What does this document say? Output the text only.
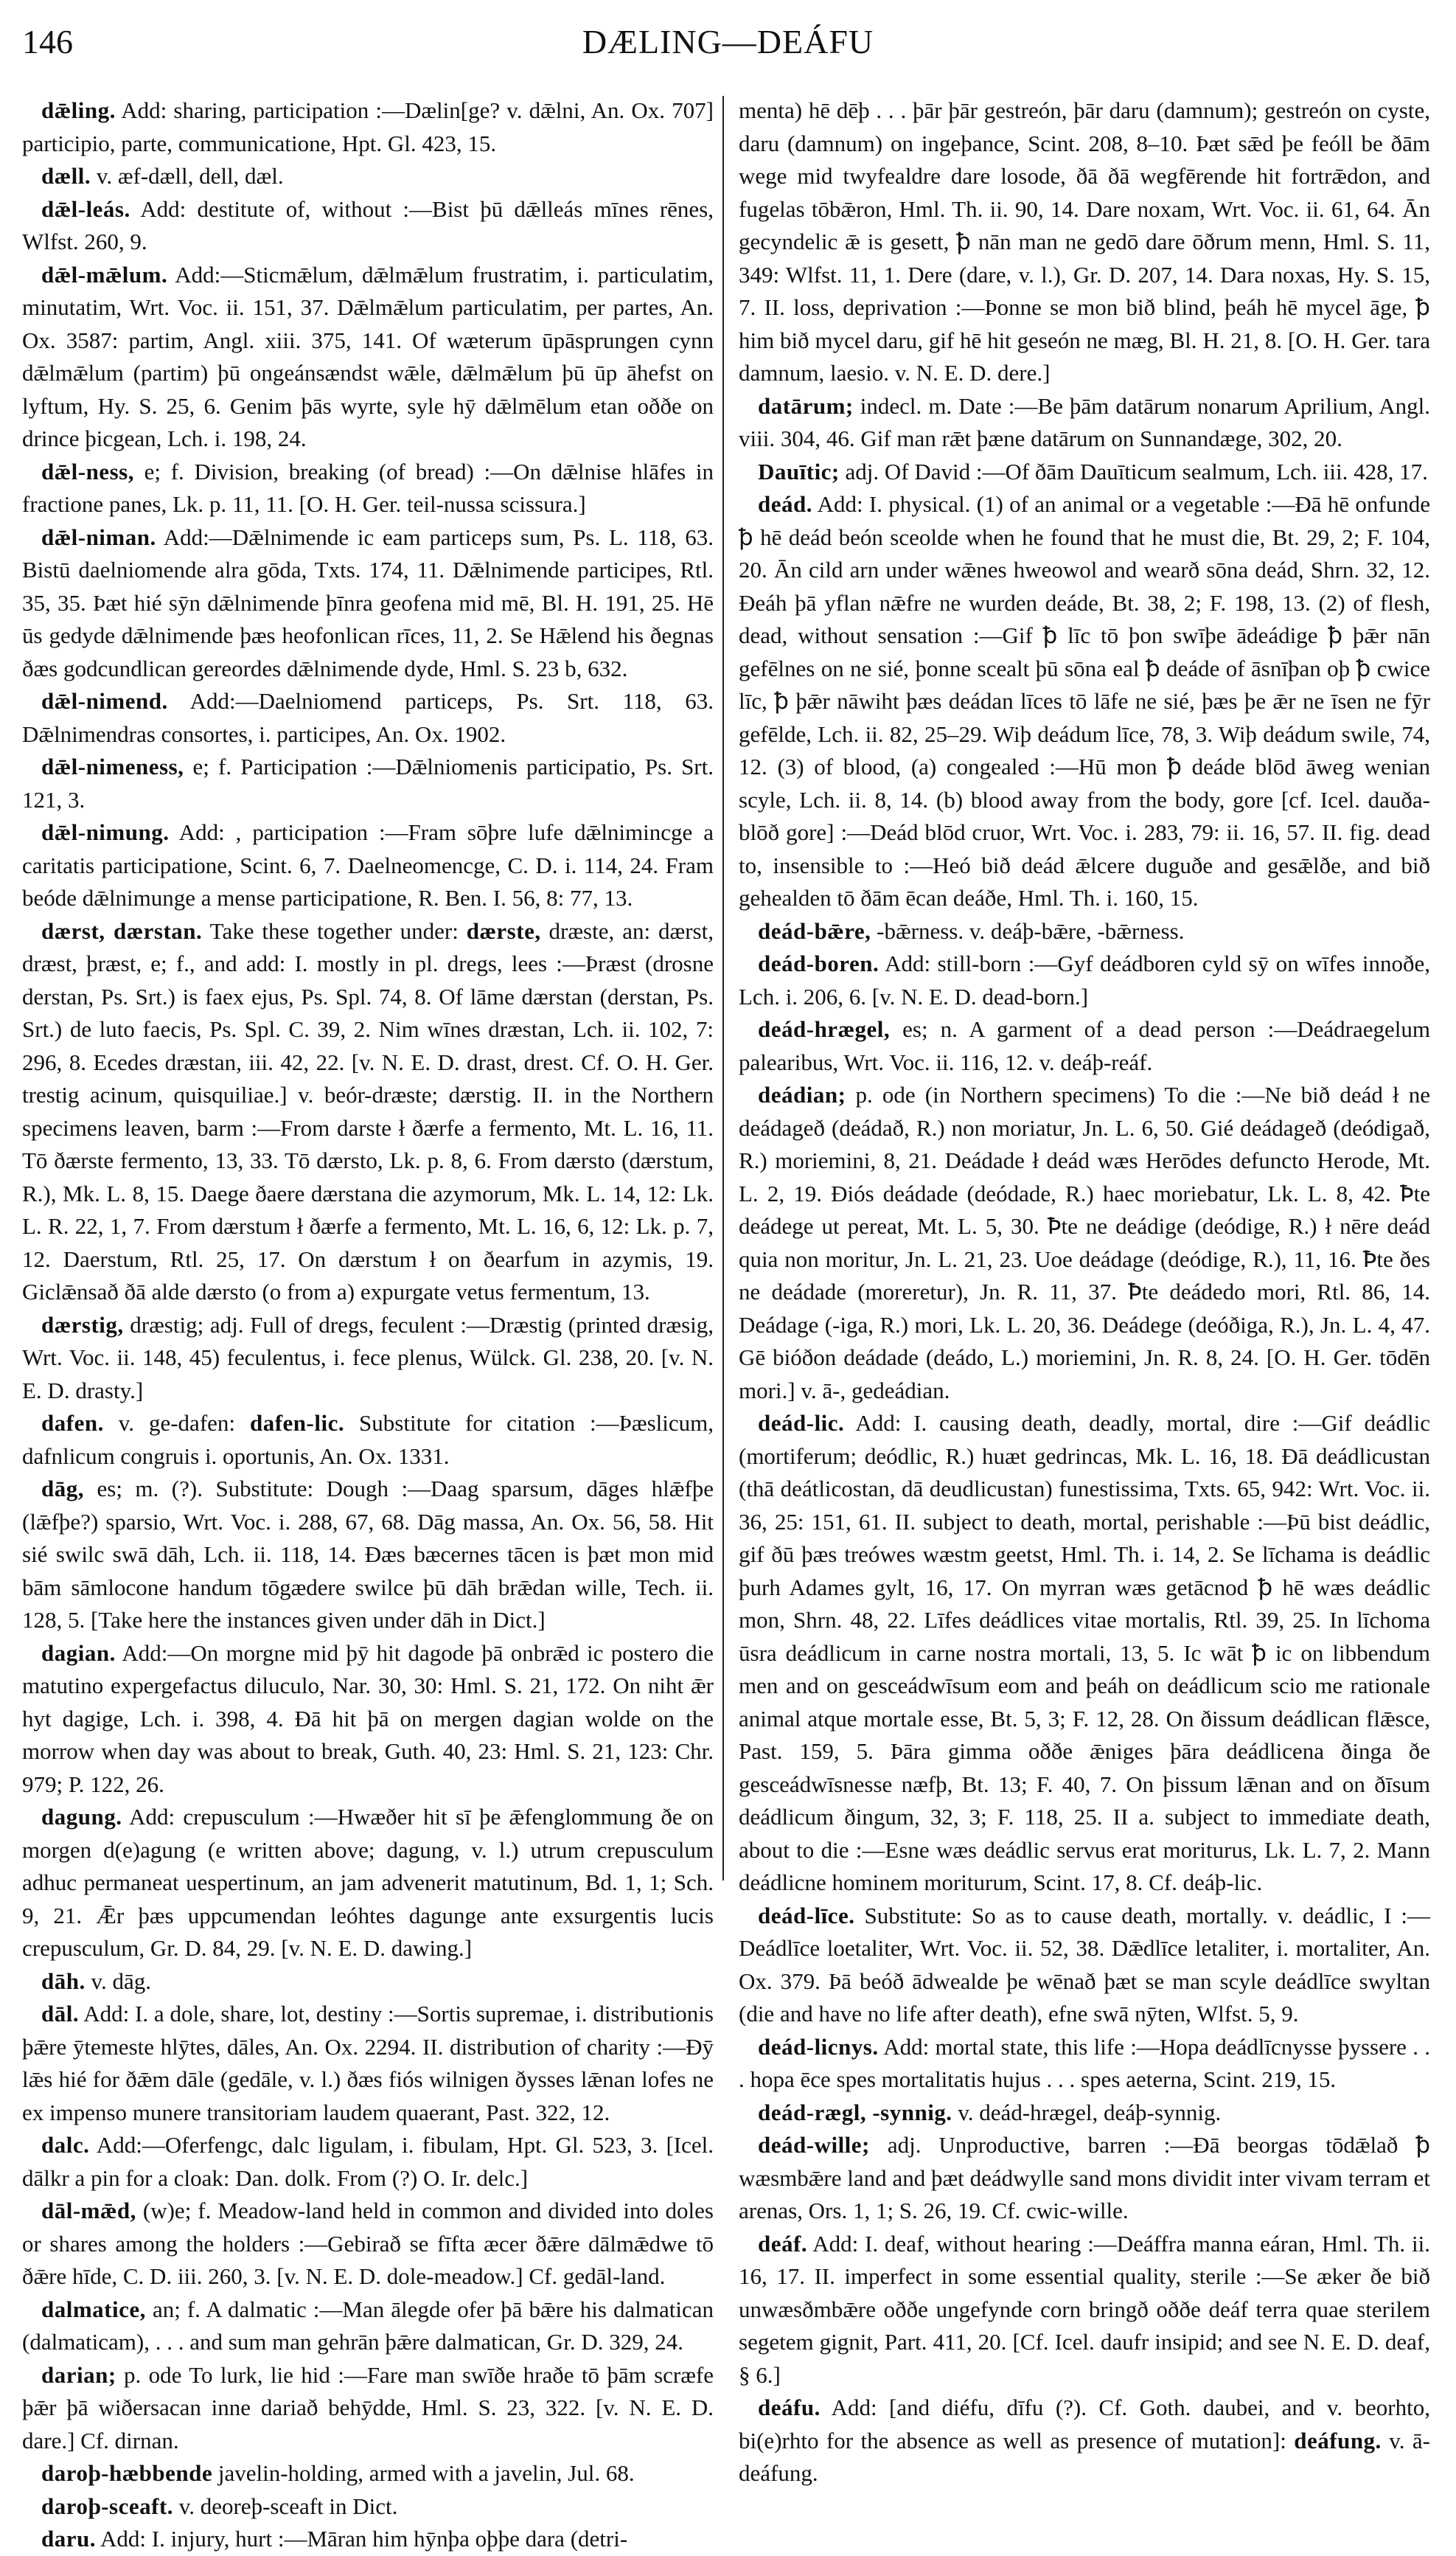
146	DÆLING—DEÁFU

dǣling. Add: sharing, participation :—Dælin[ge? v. dǣlni, An. Ox. 707] participio, parte, communicatione, Hpt. Gl. 423, 15.

dæll. v. æf-dæll, dell, dæl.

dǣl-leás. Add: destitute of, without :—Bist þū dǣlleás mīnes rēnes, Wlfst. 260, 9.

dǣl-mǣlum. Add:—Sticmǣlum, dǣlmǣlum frustratim, i. particulatim, minutatim, Wrt. Voc. ii. 151, 37. Dǣlmǣlum particulatim, per partes, An. Ox. 3587: partim, Angl. xiii. 375, 141. Of wæterum ūpāsprungen cynn dǣlmǣlum (partim) þū ongeánsændst wǣle, dǣlmǣlum þū ūp āhefst on lyftum, Hy. S. 25, 6. Genim þās wyrte, syle hȳ dǣlmēlum etan oððe on drince þicgean, Lch. i. 198, 24.

dǣl-ness, e; f. Division, breaking (of bread) :—On dǣlnise hlāfes in fractione panes, Lk. p. 11, 11. [O. H. Ger. teil-nussa scissura.]

dǣl-niman. Add:—Dǣlnimende ic eam particeps sum, Ps. L. 118, 63. Bistū daelniomende alra gōda, Txts. 174, 11. Dǣlnimende participes, Rtl. 35, 35. Þæt hié sȳn dǣlnimende þīnra geofena mid mē, Bl. H. 191, 25. Hē ūs gedyde dǣlnimende þæs heofonlican rīces, 11, 2. Se Hǣlend his ðegnas ðæs godcundlican gereordes dǣlnimende dyde, Hml. S. 23 b, 632.

dǣl-nimend. Add:—Daelniomend particeps, Ps. Srt. 118, 63. Dǣlnimendras consortes, i. participes, An. Ox. 1902.

dǣl-nimeness, e; f. Participation :—Dǣlniomenis participatio, Ps. Srt. 121, 3.

dǣl-nimung. Add: , participation :—Fram sōþre lufe dǣlnimincge a caritatis participatione, Scint. 6, 7. Daelneomencge, C. D. i. 114, 24. Fram beóde dǣlnimunge a mense participatione, R. Ben. I. 56, 8: 77, 13.

dærst, dærstan. Take these together under: dærste, dræste, an: dærst, dræst, þræst, e; f., and add: I. mostly in pl. dregs, lees :—Þræst (drosne derstan, Ps. Srt.) is faex ejus, Ps. Spl. 74, 8. Of lāme dærstan (derstan, Ps. Srt.) de luto faecis, Ps. Spl. C. 39, 2. Nim wīnes dræstan, Lch. ii. 102, 7: 296, 8. Ecedes dræstan, iii. 42, 22. [v. N. E. D. drast, drest. Cf. O. H. Ger. trestig acinum, quisquiliae.] v. beór-dræste; dærstig. II. in the Northern specimens leaven, barm :—From darste ł ðærfe a fermento, Mt. L. 16, 11. Tō ðærste fermento, 13, 33. Tō dærsto, Lk. p. 8, 6. From dærsto (dærstum, R.), Mk. L. 8, 15. Daege ðaere dærstana die azymorum, Mk. L. 14, 12: Lk. L. R. 22, 1, 7. From dærstum ł ðærfe a fermento, Mt. L. 16, 6, 12: Lk. p. 7, 12. Daerstum, Rtl. 25, 17. On dærstum ł on ðearfum in azymis, 19. Giclǣnsað ðā alde dærsto (o from a) expurgate vetus fermentum, 13.

dærstig, dræstig; adj. Full of dregs, feculent :—Dræstig (printed dræsig, Wrt. Voc. ii. 148, 45) feculentus, i. fece plenus, Wülck. Gl. 238, 20. [v. N. E. D. drasty.]

dafen. v. ge-dafen: dafen-lic. Substitute for citation :—Þæslicum, dafnlicum congruis i. oportunis, An. Ox. 1331.

dāg, es; m. (?). Substitute: Dough :—Daag sparsum, dāges hlǣfþe (lǣfþe?) sparsio, Wrt. Voc. i. 288, 67, 68. Dāg massa, An. Ox. 56, 58. Hit sié swilc swā dāh, Lch. ii. 118, 14. Ðæs bæcernes tācen is þæt mon mid bām sāmlocone handum tōgædere swilce þū dāh brǣdan wille, Tech. ii. 128, 5. [Take here the instances given under dāh in Dict.]

dagian. Add:—On morgne mid þȳ hit dagode þā onbrǣd ic postero die matutino expergefactus diluculo, Nar. 30, 30: Hml. S. 21, 172. On niht ǣr hyt dagige, Lch. i. 398, 4. Ðā hit þā on mergen dagian wolde on the morrow when day was about to break, Guth. 40, 23: Hml. S. 21, 123: Chr. 979; P. 122, 26.

dagung. Add: crepusculum :—Hwæðer hit sī þe ǣfenglommung ðe on morgen d(e)agung (e written above; dagung, v. l.) utrum crepusculum adhuc permaneat uespertinum, an jam advenerit matutinum, Bd. 1, 1; Sch. 9, 21. Ǣr þæs uppcumendan leóhtes dagunge ante exsurgentis lucis crepusculum, Gr. D. 84, 29. [v. N. E. D. dawing.]

dāh. v. dāg.

dāl. Add: I. a dole, share, lot, destiny :—Sortis supremae, i. distributionis þǣre ȳtemeste hlȳtes, dāles, An. Ox. 2294. II. distribution of charity :—Ðȳ lǣs hié for ðǣm dāle (gedāle, v. l.) ðæs fiós wilnigen ðysses lǣnan lofes ne ex impenso munere transitoriam laudem quaerant, Past. 322, 12.

dalc. Add:—Oferfengc, dalc ligulam, i. fibulam, Hpt. Gl. 523, 3. [Icel. dālkr a pin for a cloak: Dan. dolk. From (?) O. Ir. delc.]

dāl-mǣd, (w)e; f. Meadow-land held in common and divided into doles or shares among the holders :—Gebirað se fīfta æcer ðǣre dālmǣdwe tō ðǣre hīde, C. D. iii. 260, 3. [v. N. E. D. dole-meadow.] Cf. gedāl-land.

dalmatice, an; f. A dalmatic :—Man ālegde ofer þā bǣre his dalmatican (dalmaticam), . . . and sum man gehrān þǣre dalmatican, Gr. D. 329, 24.

darian; p. ode To lurk, lie hid :—Fare man swīðe hraðe tō þām scræfe þǣr þā wiðersacan inne dariað behȳdde, Hml. S. 23, 322. [v. N. E. D. dare.] Cf. dirnan.

daroþ-hæbbende javelin-holding, armed with a javelin, Jul. 68.

daroþ-sceaft. v. deoreþ-sceaft in Dict.

daru. Add: I. injury, hurt :—Māran him hȳnþa oþþe dara (detri-

menta) hē dēþ . . . þār þār gestreón, þār daru (damnum); gestreón on cyste, daru (damnum) on ingeþance, Scint. 208, 8–10. Þæt sǣd þe feóll be ðām wege mid twyfealdre dare losode, ðā ðā wegfērende hit fortrǣdon, and fugelas tōbǣron, Hml. Th. ii. 90, 14. Dare noxam, Wrt. Voc. ii. 61, 64. Ān gecyndelic ǣ is gesett, ꝥ nān man ne gedō dare ōðrum menn, Hml. S. 11, 349: Wlfst. 11, 1. Dere (dare, v. l.), Gr. D. 207, 14. Dara noxas, Hy. S. 15, 7. II. loss, deprivation :—Þonne se mon bið blind, þeáh hē mycel āge, ꝥ him bið mycel daru, gif hē hit geseón ne mæg, Bl. H. 21, 8. [O. H. Ger. tara damnum, laesio. v. N. E. D. dere.]

datārum; indecl. m. Date :—Be þām datārum nonarum Aprilium, Angl. viii. 304, 46. Gif man rǣt þæne datārum on Sunnandæge, 302, 20.

Dauītic; adj. Of David :—Of ðām Dauīticum sealmum, Lch. iii. 428, 17.

deád. Add: I. physical. (1) of an animal or a vegetable :—Ðā hē onfunde ꝥ hē deád beón sceolde when he found that he must die, Bt. 29, 2; F. 104, 20. Ān cild arn under wǣnes hweowol and wearð sōna deád, Shrn. 32, 12. Ðeáh þā yflan nǣfre ne wurden deáde, Bt. 38, 2; F. 198, 13. (2) of flesh, dead, without sensation :—Gif ꝥ līc tō þon swīþe ādeádige ꝥ þǣr nān gefēlnes on ne sié, þonne scealt þū sōna eal ꝥ deáde of āsnīþan oþ ꝥ cwice līc, ꝥ þǣr nāwiht þæs deádan līces tō lāfe ne sié, þæs þe ǣr ne īsen ne fȳr gefēlde, Lch. ii. 82, 25–29. Wiþ deádum līce, 78, 3. Wiþ deádum swile, 74, 12. (3) of blood, (a) congealed :—Hū mon ꝥ deáde blōd āweg wenian scyle, Lch. ii. 8, 14. (b) blood away from the body, gore [cf. Icel. dauða-blōð gore] :—Deád blōd cruor, Wrt. Voc. i. 283, 79: ii. 16, 57. II. fig. dead to, insensible to :—Heó bið deád ǣlcere duguðe and gesǣlðe, and bið gehealden tō ðām ēcan deáðe, Hml. Th. i. 160, 15.

deád-bǣre, -bǣrness. v. deáþ-bǣre, -bǣrness.

deád-boren. Add: still-born :—Gyf deádboren cyld sȳ on wīfes innoðe, Lch. i. 206, 6. [v. N. E. D. dead-born.]

deád-hrægel, es; n. A garment of a dead person :—Deádraegelum palearibus, Wrt. Voc. ii. 116, 12. v. deáþ-reáf.

deádian; p. ode (in Northern specimens) To die :—Ne bið deád ł ne deádageð (deádað, R.) non moriatur, Jn. L. 6, 50. Gié deádageð (deódigað, R.) moriemini, 8, 21. Deádade ł deád wæs Herōdes defuncto Herode, Mt. L. 2, 19. Ðiós deádade (deódade, R.) haec moriebatur, Lk. L. 8, 42. Ꝥte deádege ut pereat, Mt. L. 5, 30. Ꝥte ne deádige (deódige, R.) ł nēre deád quia non moritur, Jn. L. 21, 23. Uoe deádage (deódige, R.), 11, 16. Ꝥte ðes ne deádade (moreretur), Jn. R. 11, 37. Ꝥte deádedo mori, Rtl. 86, 14. Deádage (-iga, R.) mori, Lk. L. 20, 36. Deádege (deóðiga, R.), Jn. L. 4, 47. Gē bióðon deádade (deádo, L.) moriemini, Jn. R. 8, 24. [O. H. Ger. tōdēn mori.] v. ā-, gedeádian.

deád-lic. Add: I. causing death, deadly, mortal, dire :—Gif deádlic (mortiferum; deódlic, R.) huæt gedrincas, Mk. L. 16, 18. Ðā deádlicustan (thā deátlicostan, dā deudlicustan) funestissima, Txts. 65, 942: Wrt. Voc. ii. 36, 25: 151, 61. II. subject to death, mortal, perishable :—Þū bist deádlic, gif ðū þæs treówes wæstm geetst, Hml. Th. i. 14, 2. Se līchama is deádlic þurh Adames gylt, 16, 17. On myrran wæs getācnod ꝥ hē wæs deádlic mon, Shrn. 48, 22. Līfes deádlices vitae mortalis, Rtl. 39, 25. In līchoma ūsra deádlicum in carne nostra mortali, 13, 5. Ic wāt ꝥ ic on libbendum men and on gesceádwīsum eom and þeáh on deádlicum scio me rationale animal atque mortale esse, Bt. 5, 3; F. 12, 28. On ðissum deádlican flǣsce, Past. 159, 5. Þāra gimma oððe ǣniges þāra deádlicena ðinga ðe gesceádwīsnesse næfþ, Bt. 13; F. 40, 7. On þissum lǣnan and on ðīsum deádlicum ðingum, 32, 3; F. 118, 25. II a. subject to immediate death, about to die :—Esne wæs deádlic servus erat moriturus, Lk. L. 7, 2. Mann deádlicne hominem moriturum, Scint. 17, 8. Cf. deáþ-lic.

deád-līce. Substitute: So as to cause death, mortally. v. deádlic, I :—Deádlīce loetaliter, Wrt. Voc. ii. 52, 38. Dǣdlīce letaliter, i. mortaliter, An. Ox. 379. Þā beóð ādwealde þe wēnað þæt se man scyle deádlīce swyltan (die and have no life after death), efne swā nȳten, Wlfst. 5, 9.

deád-licnys. Add: mortal state, this life :—Hopa deádlīcnysse þyssere . . . hopa ēce spes mortalitatis hujus . . . spes aeterna, Scint. 219, 15.

deád-rægl, -synnig. v. deád-hrægel, deáþ-synnig.

deád-wille; adj. Unproductive, barren :—Ðā beorgas tōdǣlað ꝥ wæsmbǣre land and þæt deádwylle sand mons dividit inter vivam terram et arenas, Ors. 1, 1; S. 26, 19. Cf. cwic-wille.

deáf. Add: I. deaf, without hearing :—Deáffra manna eáran, Hml. Th. ii. 16, 17. II. imperfect in some essential quality, sterile :—Se æker ðe bið unwæsðmbǣre oððe ungefynde corn bringð oððe deáf terra quae sterilem segetem gignit, Part. 411, 20. [Cf. Icel. daufr insipid; and see N. E. D. deaf, § 6.]

deáfu. Add: [and diéfu, dīfu (?). Cf. Goth. daubei, and v. beorhto, bi(e)rhto for the absence as well as presence of mutation]: deáfung. v. ā-deáfung.
